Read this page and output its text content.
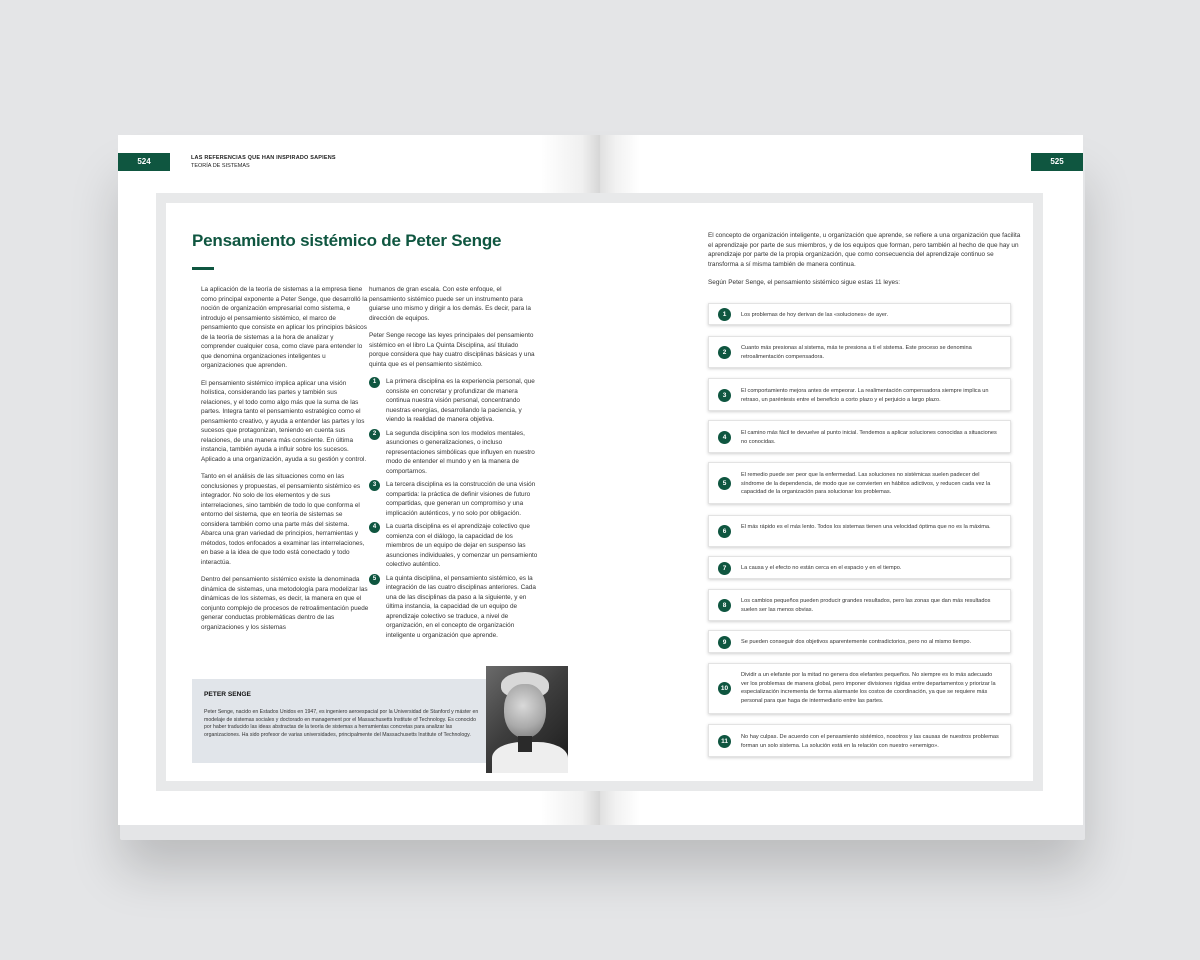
524	LAS REFERENCIAS QUE HAN INSPIRADO SAPIENS
TEORÍA DE SISTEMAS
Pensamiento sistémico de Peter Senge

La aplicación de la teoría de sistemas a la empresa tiene como principal exponente a Peter Senge, que desarrolló la noción de organización empresarial como sistema, e introdujo el pensamiento sistémico, el marco de pensamiento que consiste en aplicar los principios básicos de la teoría de sistemas a la hora de analizar y comprender cualquier cosa, como clave para entender lo que denomina organizaciones inteligentes u organizaciones que aprenden.

El pensamiento sistémico implica aplicar una visión holística, considerando las partes y también sus relaciones, y el todo como algo más que la suma de las partes. Integra tanto el pensamiento estratégico como el pensamiento creativo, y ayuda a entender las partes y los sucesos que protagonizan, teniendo en cuenta sus relaciones, de una manera más consciente. En última instancia, también ayuda a influir sobre los sucesos. Aplicado a una organización, ayuda a su gestión y control.

Tanto en el análisis de las situaciones como en las conclusiones y propuestas, el pensamiento sistémico es integrador. No solo de los elementos y de sus interrelaciones, sino también de todo lo que conforma el entorno del sistema, que en teoría de sistemas se considera también como una parte más del sistema. Abarca una gran variedad de principios, herramientas y métodos, todos enfocados a examinar las interrelaciones, en base a la idea de que todo está conectado y todo interactúa.

Dentro del pensamiento sistémico existe la denominada dinámica de sistemas, una metodología para modelizar las dinámicas de los sistemas, es decir, la manera en que el conjunto complejo de procesos de retroalimentación puede generar conductas problemáticas dentro de las organizaciones y los sistemas

humanos de gran escala. Con este enfoque, el pensamiento sistémico puede ser un instrumento para guiarse uno mismo y dirigir a los demás. Es decir, para la dirección de equipos.

Peter Senge recoge las leyes principales del pensamiento sistémico en el libro La Quinta Disciplina, así titulado porque considera que hay cuatro disciplinas básicas y una quinta que es el pensamiento sistémico.

1	La primera disciplina es la experiencia personal, que consiste en concretar y profundizar de manera continua nuestra visión personal, concentrando nuestras energías, desarrollando la paciencia, y viendo la realidad de manera objetiva.
2	La segunda disciplina son los modelos mentales, asunciones o generalizaciones, o incluso representaciones simbólicas que influyen en nuestro modo de entender el mundo y en la manera de comportarnos.
3	La tercera disciplina es la construcción de una visión compartida: la práctica de definir visiones de futuro compartidas, que generan un compromiso y una implicación auténticos, y no solo por obligación.
4	La cuarta disciplina es el aprendizaje colectivo que comienza con el diálogo, la capacidad de los miembros de un equipo de dejar en suspenso las asunciones individuales, y comenzar un pensamiento colectivo auténtico.
5	La quinta disciplina, el pensamiento sistémico, es la integración de las cuatro disciplinas anteriores. Cada una de las disciplinas da paso a la siguiente, y en última instancia, la capacidad de un equipo de aprendizaje colectivo se traduce, a nivel de organización, en el concepto de organización inteligente u organización que aprende.
PETER SENGE
Peter Senge, nacido en Estados Unidos en 1947, es ingeniero aeroespacial por la Universidad de Stanford y máster en modelaje de sistemas sociales y doctorado en management por el Massachusetts Institute of Technology. Es conocido por haber traducido las ideas abstractas de la teoría de sistemas a herramientas concretas para analizar las organizaciones. Ha sido profesor de varias universidades, principalmente del Massachusetts Institute of Technology.
525
El concepto de organización inteligente, u organización que aprende, se refiere a una organización que facilita el aprendizaje por parte de sus miembros, y de los equipos que forman, pero también al hecho de que hay un aprendizaje por parte de la propia organización, que como consecuencia del aprendizaje continuo se transforma a sí misma también de manera continua.
Según Peter Senge, el pensamiento sistémico sigue estas 11 leyes:
1	Los problemas de hoy derivan de las «soluciones» de ayer.
2
Cuanto más presionas al sistema, más te presiona a ti el sistema. Este proceso se denomina retroalimentación compensadora.
3
El comportamiento mejora antes de empeorar. La realimentación compensadora siempre implica un retraso, un paréntesis entre el beneficio a corto plazo y el perjuicio a largo plazo.
4
El camino más fácil te devuelve al punto inicial. Tendemos a aplicar soluciones conocidas a situaciones no conocidas.
5
El remedio puede ser peor que la enfermedad. Las soluciones no sistémicas suelen padecer del síndrome de la dependencia, de modo que se convierten en hábitos adictivos, y reducen cada vez la capacidad de la organización para solucionar los problemas.
6
El más rápido es el más lento. Todos los sistemas tienen una velocidad óptima que no es la máxima.
7	La causa y el efecto no están cerca en el espacio y en el tiempo.
8
Los cambios pequeños pueden producir grandes resultados, pero las zonas que dan más resultados suelen ser las menos obvias.
9	Se pueden conseguir dos objetivos aparentemente contradictorios, pero no al mismo tiempo.
10
Dividir a un elefante por la mitad no genera dos elefantes pequeños. No siempre es lo más adecuado ver los problemas de manera global, pero imponer divisiones rígidas entre departamentos y priorizar la especialización incrementa de forma alarmante los costos de coordinación, ya que se requiere más personal para que haga de intermediario entre las partes.
11
No hay culpas. De acuerdo con el pensamiento sistémico, nosotros y las causas de nuestros problemas forman un solo sistema. La solución está en la relación con nuestro «enemigo».
